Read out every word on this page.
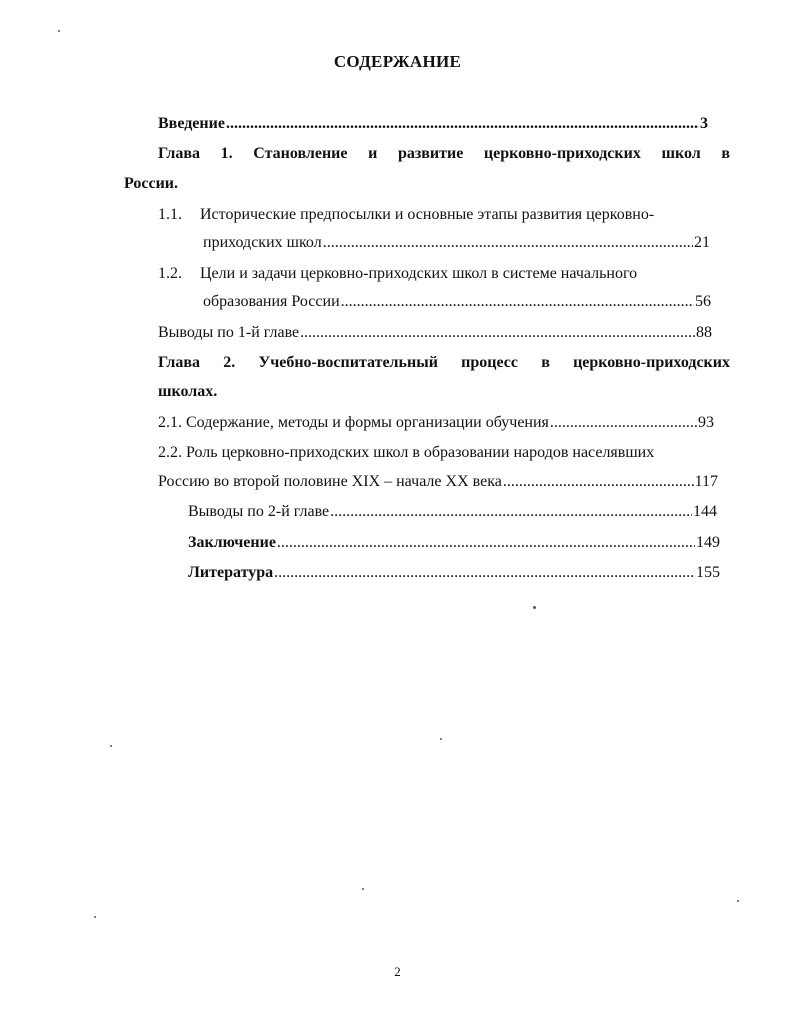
СОДЕРЖАНИЕ
Введение .....	3
Глава 1. Становление и развитие церковно-приходских школ в
России.
1.1. Исторические предпосылки и основные этапы развития церковно-
приходских школ .....	21
1.2. Цели и задачи церковно-приходских школ в системе начального
образования России .....	56
Выводы по 1-й главе .....	88
Глава 2. Учебно-воспитательный процесс в церковно-приходских
школах.
2.1. Содержание, методы и формы организации обучения .....	93
2.2. Роль церковно-приходских школ в образовании народов населявших
Россию во второй половине XIX – начале XX века .....	117
Выводы по 2-й главе .....	144
Заключение .....	149
Литература .....	155
2
